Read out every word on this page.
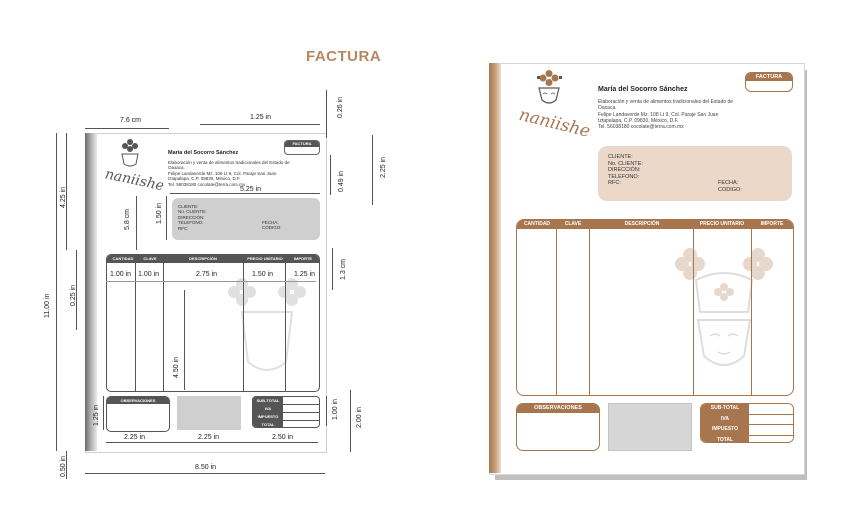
FACTURA
naniishe
María del Socorro Sánchez
Elaboración y venta de alimentos tradicionales del Estado de Oaxaca.
Felipe Landaverde Mz. 108 Lt 9, Col. Paraje San Juan
Iztapalapa, C.P. 09830, México, D.F.
Tel. 56038180 cocolate@terra.com.mx
FACTURA
CLIENTE:
No. CLIENTE:
DIRECCIÓN:
TELEFONO:
RFC:
FECHA:
CODIGO:
CANTIDAD	CLAVE	DESCRIPCIÓN	PRECIO UNITARIO	IMPORTE
OBSERVACIONES	SUB-TOTAL
IVA
IMPUESTO
TOTAL
7.6 cm	1.25 in	0.26 in
2.25 in
0.49 in
5.25 in
5.8 cm	1.50 in
4.25 in
11.00 in	0.25 in
1.3 cm
1.00 in 1.00 in	2.75 in	1.50 in	1.25 in
4.50 in
1.25 in	1.00 in 2.00 in
2.25 in	2.25 in	2.50 in
0.50 in	8.50 in
naniishe
María del Socorro Sánchez
Elaboración y venta de alimentos tradicionales del Estado de Oaxaca.
Felipe Landaverde Mz. 108 Lt 9, Col. Paraje San Juan
Iztapalapa, C.P. 09830, México, D.F.
Tel. 56038180 cocolate@terra.com.mx
FACTURA
CLIENTE:
No. CLIENTE:
DIRECCIÓN:
TELEFONO:
RFC:	FECHA:
CODIGO:
CANTIDAD	CLAVE	DESCRIPCIÓN	PRECIO UNITARIO	IMPORTE
OBSERVACIONES	SUB-TOTAL
IVA
IMPUESTO
TOTAL
